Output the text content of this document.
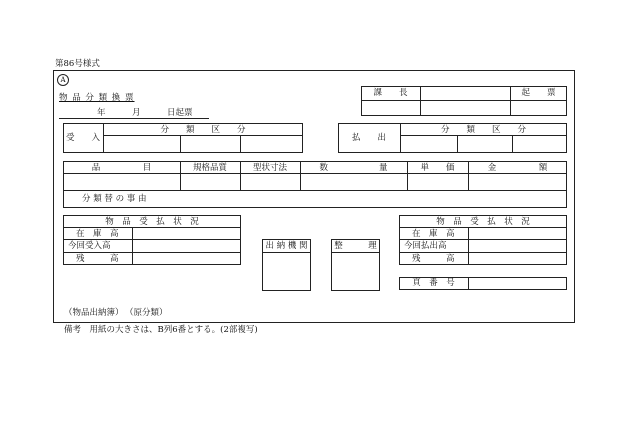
第86号様式
A
物 品 分 類 換 票
年	月	日起票
課　　長	起　　票
受　　入
分　　類　　区　　分
払　　出
分　　類　　区　　分
品　　　　　目	規格品質	型状寸法	数　　　　　　量	単　　価	金　　　　　額
分 類 替 の 事 由
物　品　受　払　状　況
在　庫　高
今回受入高
残　　　高
出 納 機 関	整　　　理
物　品　受　払　状　況
在　庫　高
今回払出高
残　　　高
頁　番　号
（物品出納簿） （原分類）
備考　用紙の大きさは、B列6番とする。(2部複写)
